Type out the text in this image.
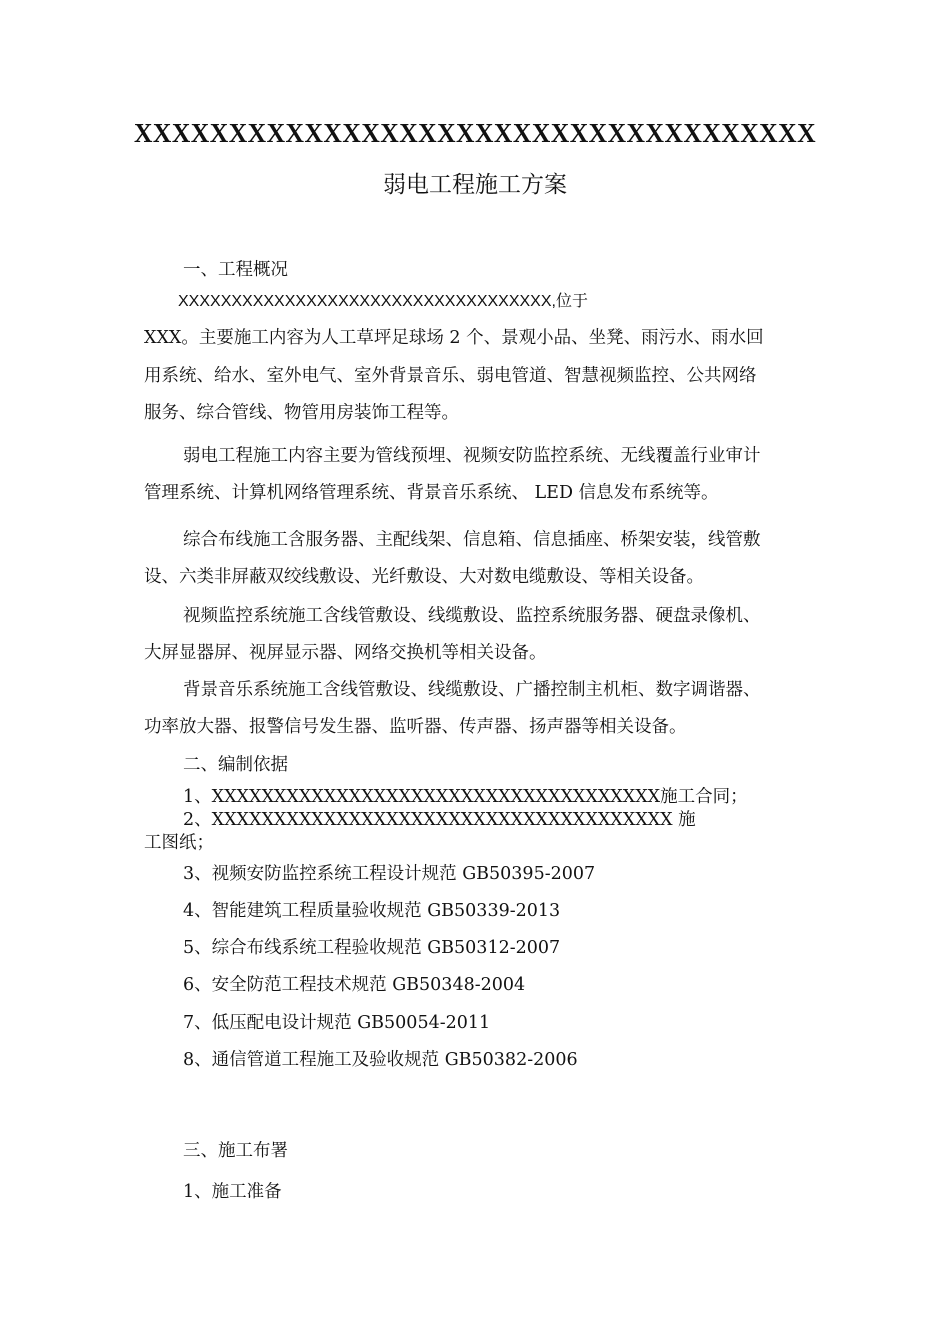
XXXXXXXXXXXXXXXXXXXXXXXXXXXXXXXXXXXX
弱电工程施工方案
一、工程概况
XXXXXXXXXXXXXXXXXXXXXXXXXXXXXXXXXXX,位于
XXX。主要施工内容为人工草坪足球场 2 个、景观小品、坐凳、雨污水、雨水回
用系统、给水、室外电气、室外背景音乐、弱电管道、智慧视频监控、公共网络
服务、综合管线、物管用房装饰工程等。
弱电工程施工内容主要为管线预埋、视频安防监控系统、无线覆盖行业审计
管理系统、计算机网络管理系统、背景音乐系统、 LED 信息发布系统等。
综合布线施工含服务器、主配线架、信息箱、信息插座、桥架安装，线管敷
设、六类非屏蔽双绞线敷设、光纤敷设、大对数电缆敷设、等相关设备。
视频监控系统施工含线管敷设、线缆敷设、监控系统服务器、硬盘录像机、
大屏显器屏、视屏显示器、网络交换机等相关设备。
背景音乐系统施工含线管敷设、线缆敷设、广播控制主机柜、数字调谐器、
功率放大器、报警信号发生器、监听器、传声器、扬声器等相关设备。
二、编制依据
1、XXXXXXXXXXXXXXXXXXXXXXXXXXXXXXXXXXXX施工合同；
2、XXXXXXXXXXXXXXXXXXXXXXXXXXXXXXXXXXXXX 施
工图纸；
3、视频安防监控系统工程设计规范 GB50395-2007
4、智能建筑工程质量验收规范 GB50339-2013
5、综合布线系统工程验收规范 GB50312-2007
6、安全防范工程技术规范 GB50348-2004
7、低压配电设计规范 GB50054-2011
8、通信管道工程施工及验收规范 GB50382-2006
三、施工布署
1、施工准备
